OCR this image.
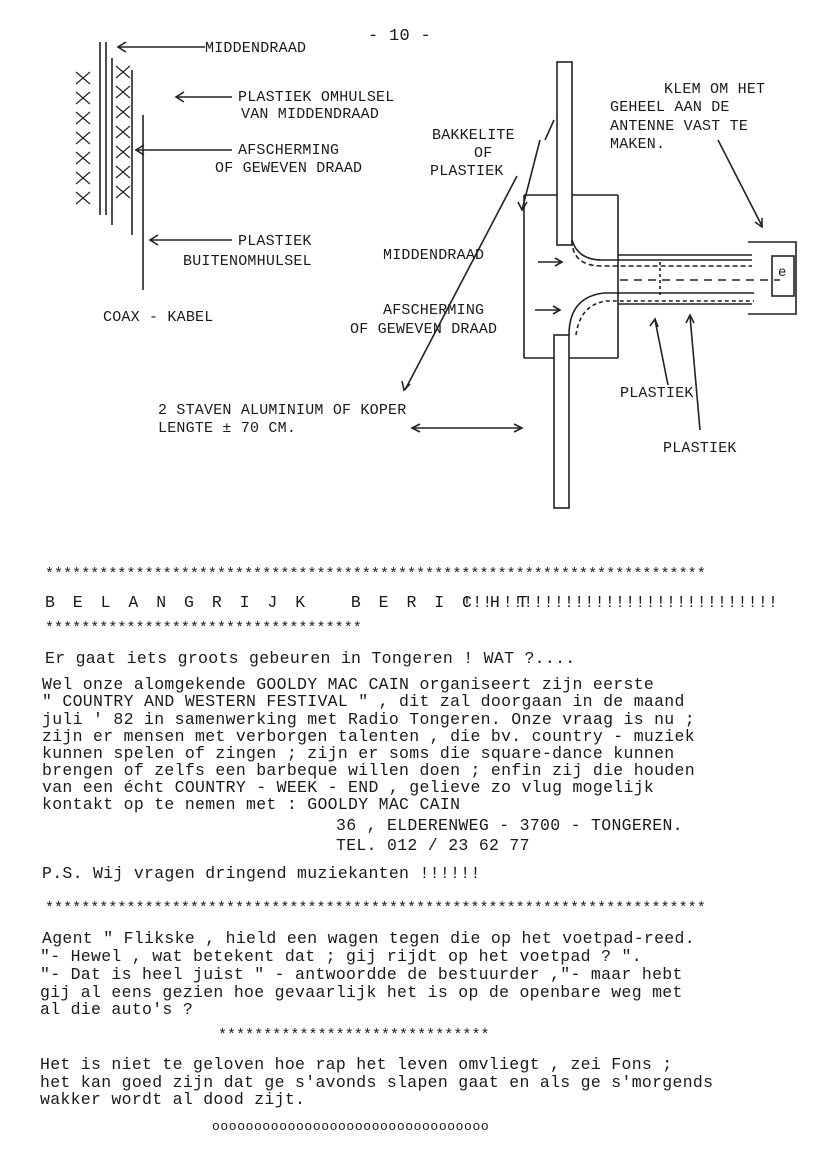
- 10 -
MIDDENDRAAD
PLASTIEK OMHULSEL
VAN MIDDENDRAAD
AFSCHERMING
OF GEWEVEN DRAAD
PLASTIEK
BUITENOMHULSEL
COAX - KABEL
KLEM OM HET
GEHEEL AAN DE
ANTENNE VAST TE
MAKEN.
BAKKELITE
OF
PLASTIEK
MIDDENDRAAD
AFSCHERMING
OF GEWEVEN DRAAD
PLASTIEK
PLASTIEK
e
2 STAVEN ALUMINIUM OF KOPER
LENGTE ± 70 CM.
*************************************************************************
B E L A N G R I J K   B E R I C H T
!!!!!!!!!!!!!!!!!!!!!!!!!!!!!!!
***********************************
Er gaat iets groots gebeuren in Tongeren ! WAT ?....
Wel onze alomgekende GOOLDY MAC CAIN organiseert zijn eerste
" COUNTRY AND WESTERN FESTIVAL " , dit zal doorgaan in de maand
juli ' 82 in samenwerking met Radio Tongeren. Onze vraag is nu ;
zijn er mensen met verborgen talenten , die bv. country - muziek
kunnen spelen of zingen ; zijn er soms die square-dance kunnen
brengen of zelfs een barbeque willen doen ; enfin zij die houden
van een écht COUNTRY - WEEK - END , gelieve zo vlug mogelijk
kontakt op te nemen met : GOOLDY MAC CAIN
36 , ELDERENWEG - 3700 - TONGEREN.
TEL. 012 / 23 62 77
P.S. Wij vragen dringend muziekanten !!!!!!
*************************************************************************
Agent " Flikske , hield een wagen tegen die op het voetpad-reed.
"- Hewel , wat betekent dat ; gij rijdt op het voetpad ? ".
"- Dat is heel juist " - antwoordde de bestuurder ,"- maar hebt
gij al eens gezien hoe gevaarlijk het is op de openbare weg met
al die auto's ?
******************************
Het is niet te geloven hoe rap het leven omvliegt , zei Fons ;
het kan goed zijn dat ge s'avonds slapen gaat en als ge s'morgends
wakker wordt al dood zijt.
ooooooooooooooooooooooooooooooooo
